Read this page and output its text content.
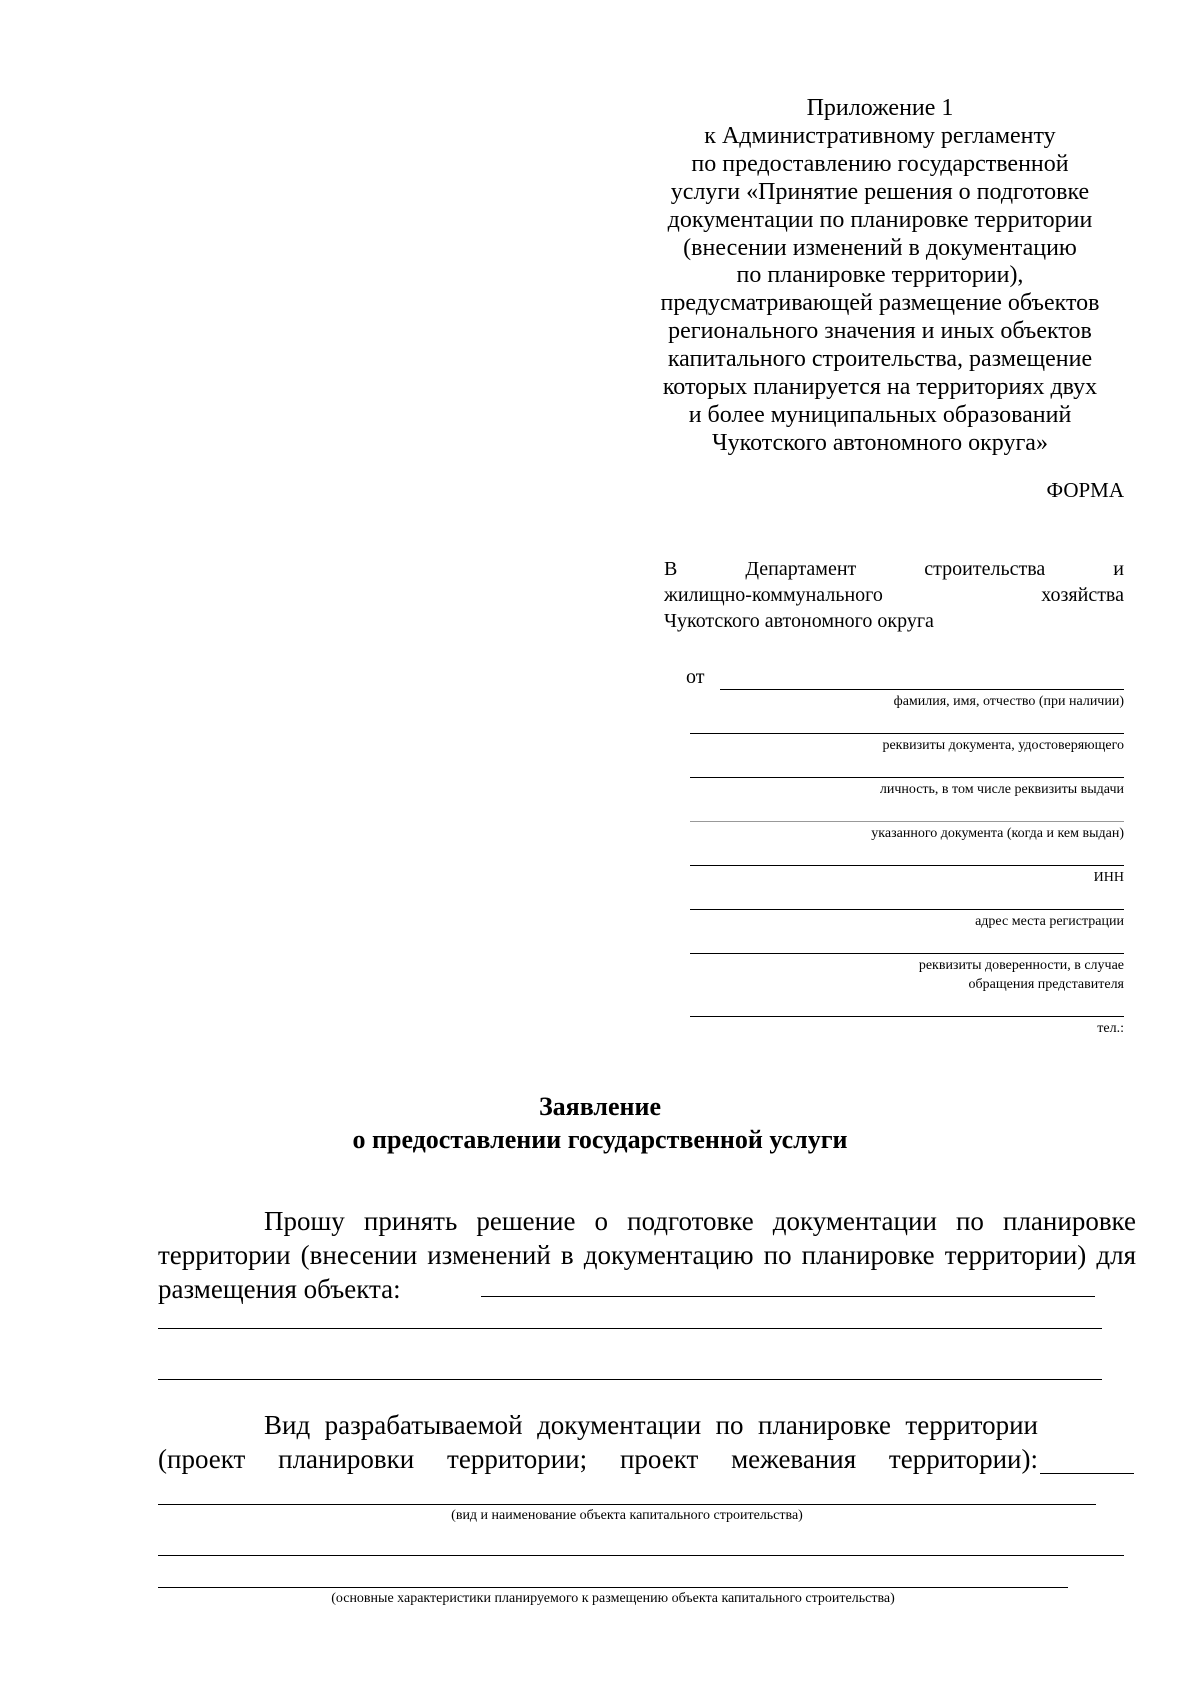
Приложение 1
к Административному регламенту
по предоставлению государственной
услуги «Принятие решения о подготовке
документации по планировке территории
(внесении изменений в документацию
по планировке территории),
предусматривающей размещение объектов
регионального значения и иных объектов
капитального строительства, размещение
которых планируется на территориях двух
и более муниципальных образований
Чукотского автономного округа»
ФОРМА
В Департамент строительства и
жилищно-коммунального хозяйства
Чукотского автономного округа
от
фамилия, имя, отчество (при наличии)
реквизиты документа, удостоверяющего
личность, в том числе реквизиты выдачи
указанного документа (когда и кем выдан)
ИНН
адрес места регистрации
реквизиты доверенности, в случае
обращения представителя
тел.:
Заявление
о предоставлении государственной услуги

Прошу принять решение о подготовке документации по планировке территории (внесении изменений в документацию по планировке территории) для размещения объекта:

Вид разрабатываемой документации по планировке территории (проект планировки территории; проект межевания территории):

(вид и наименование объекта капитального строительства)
(основные характеристики планируемого к размещению объекта капитального строительства)
